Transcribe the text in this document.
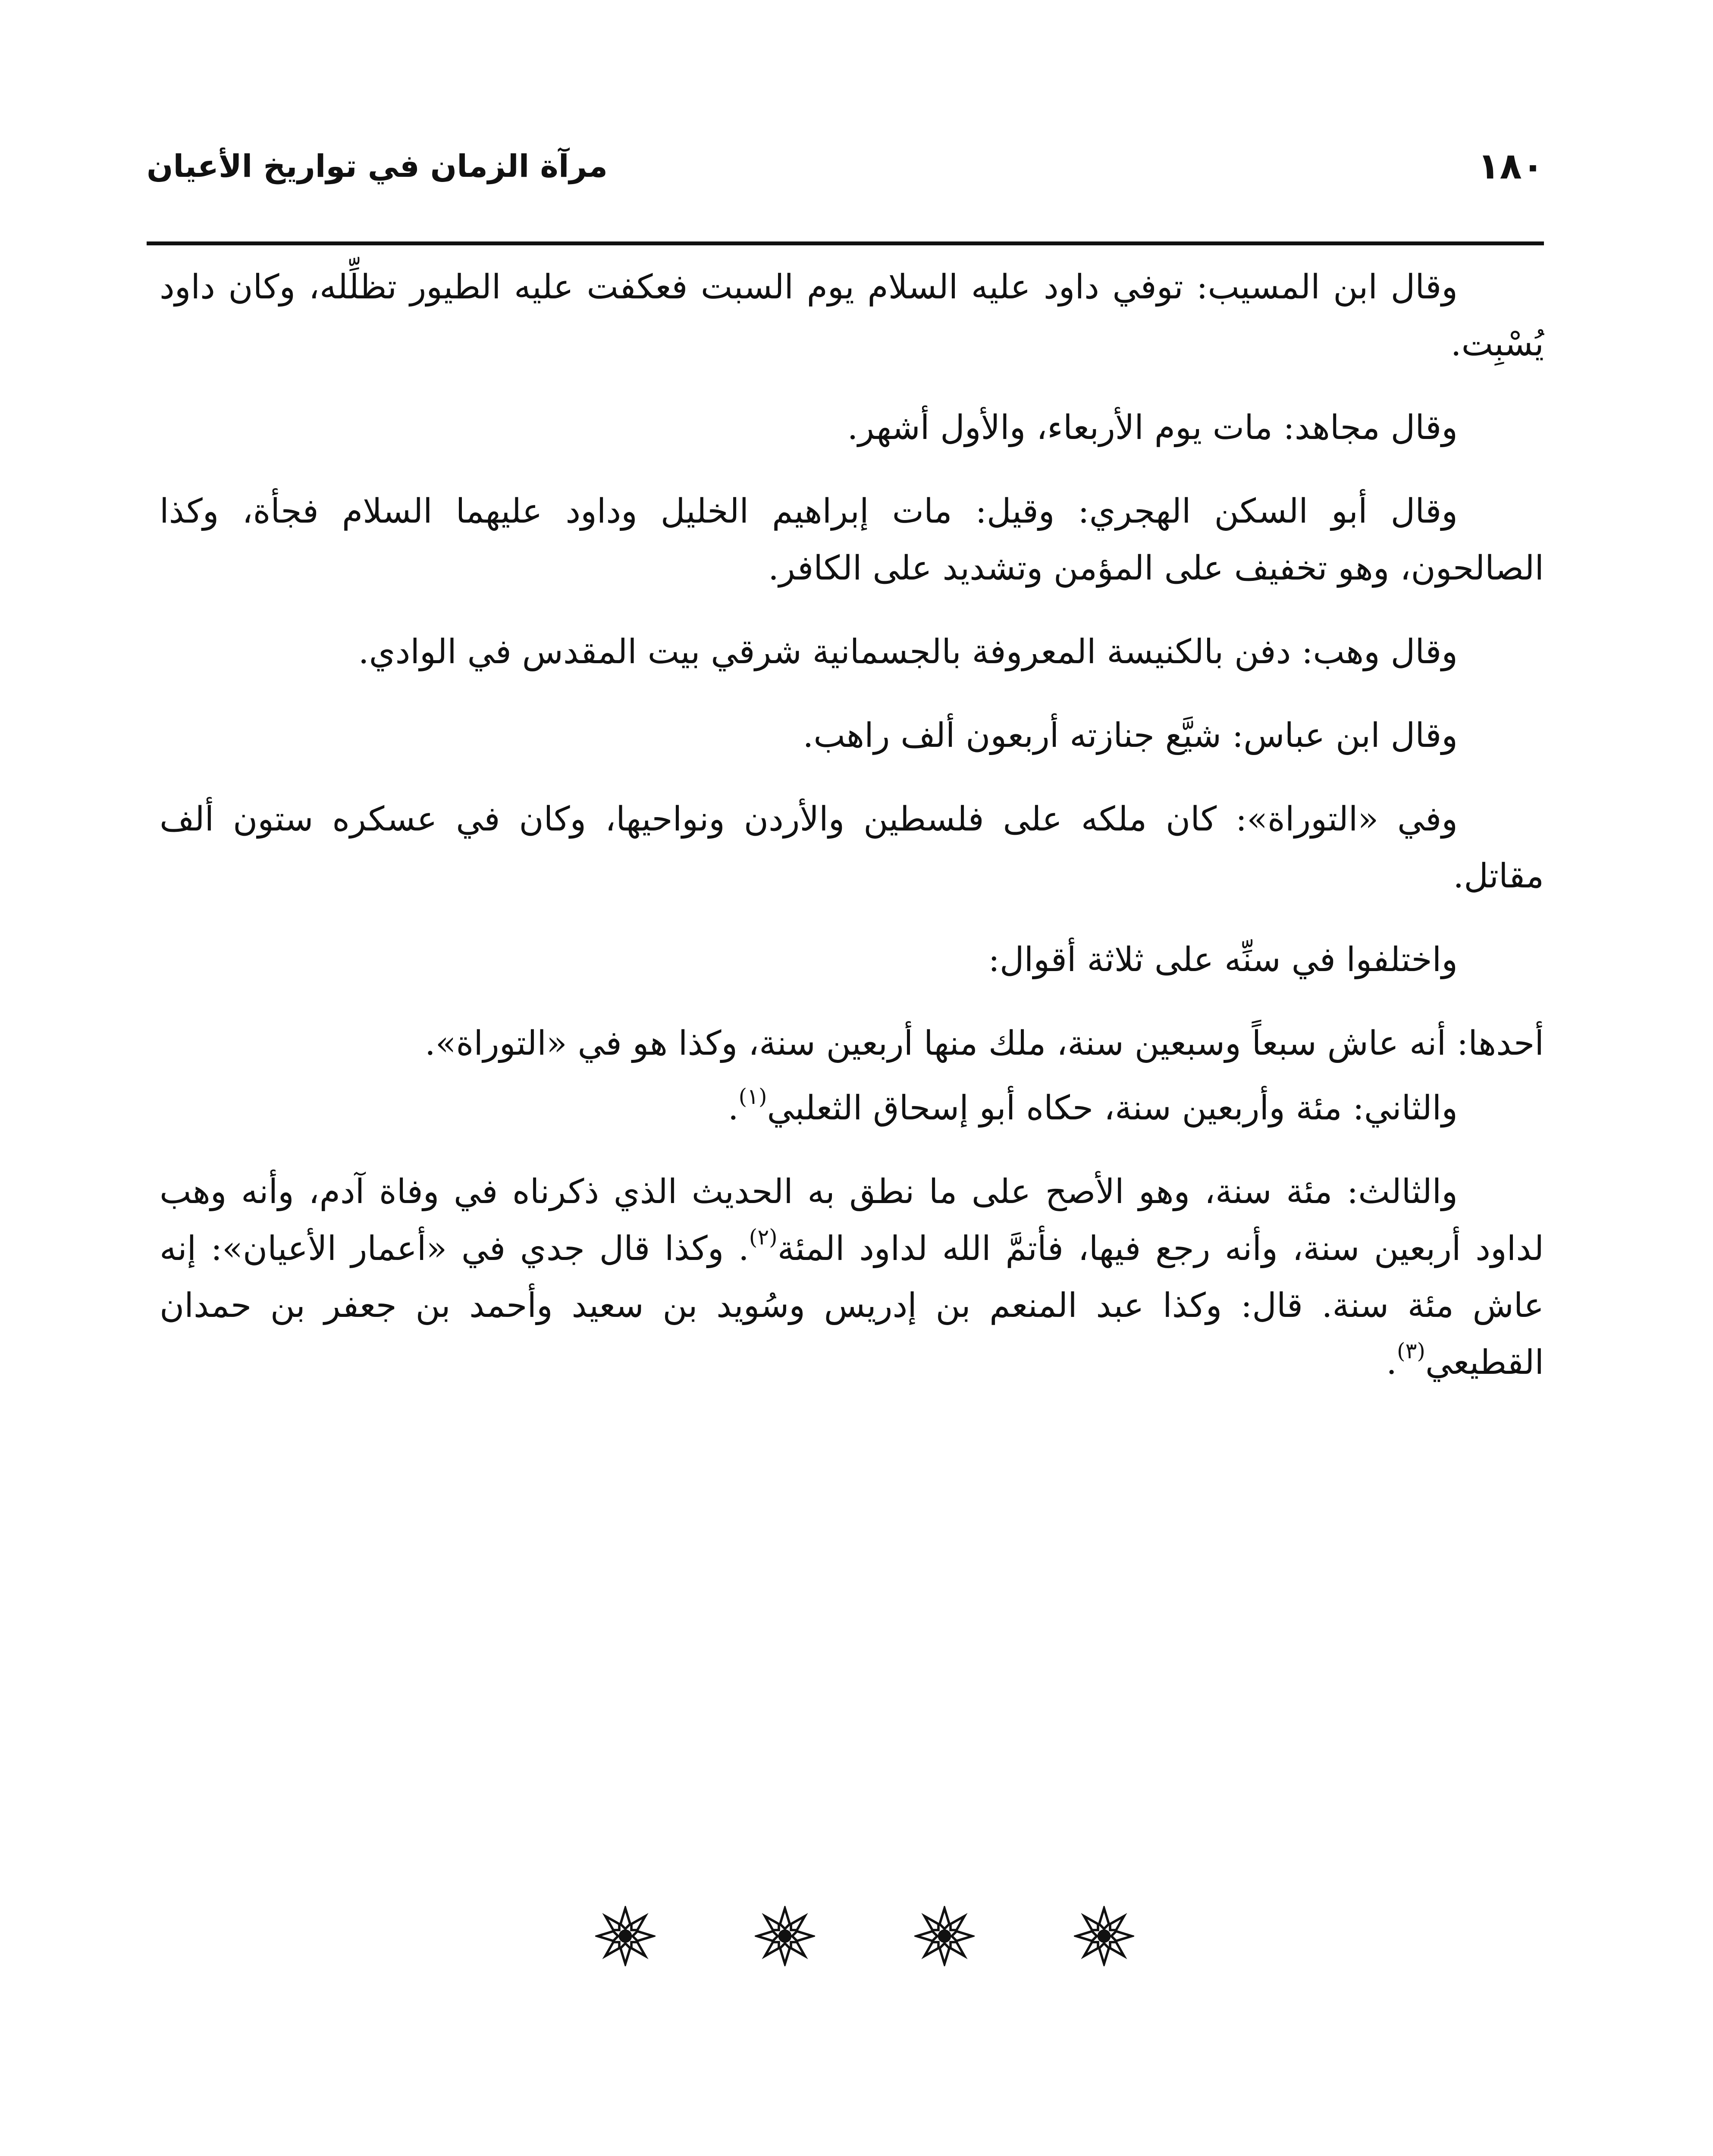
١٨٠
مرآة الزمان في تواريخ الأعيان

وقال ابن المسيب: توفي داود عليه السلام يوم السبت فعكفت عليه الطيور تظلِّله، وكان داود يُسْبِت.

وقال مجاهد: مات يوم الأربعاء، والأول أشهر.

وقال أبو السكن الهجري: وقيل: مات إبراهيم الخليل وداود عليهما السلام فجأة، وكذا الصالحون، وهو تخفيف على المؤمن وتشديد على الكافر.

وقال وهب: دفن بالكنيسة المعروفة بالجسمانية شرقي بيت المقدس في الوادي.

وقال ابن عباس: شيَّع جنازته أربعون ألف راهب.

وفي «التوراة»: كان ملكه على فلسطين والأردن ونواحيها، وكان في عسكره ستون ألف مقاتل.

واختلفوا في سنِّه على ثلاثة أقوال:

أحدها: أنه عاش سبعاً وسبعين سنة، ملك منها أربعين سنة، وكذا هو في «التوراة».

والثاني: مئة وأربعين سنة، حكاه أبو إسحاق الثعلبي$^{(١)}$.

والثالث: مئة سنة، وهو الأصح على ما نطق به الحديث الذي ذكرناه في وفاة آدم، وأنه وهب لداود أربعين سنة، وأنه رجع فيها، فأتمَّ الله لداود المئة$^{(٢)}$. وكذا قال جدي في «أعمار الأعيان»: إنه عاش مئة سنة. قال: وكذا عبد المنعم بن إدريس وسُويد بن سعيد وأحمد بن جعفر بن حمدان القطيعي$^{(٣)}$.
